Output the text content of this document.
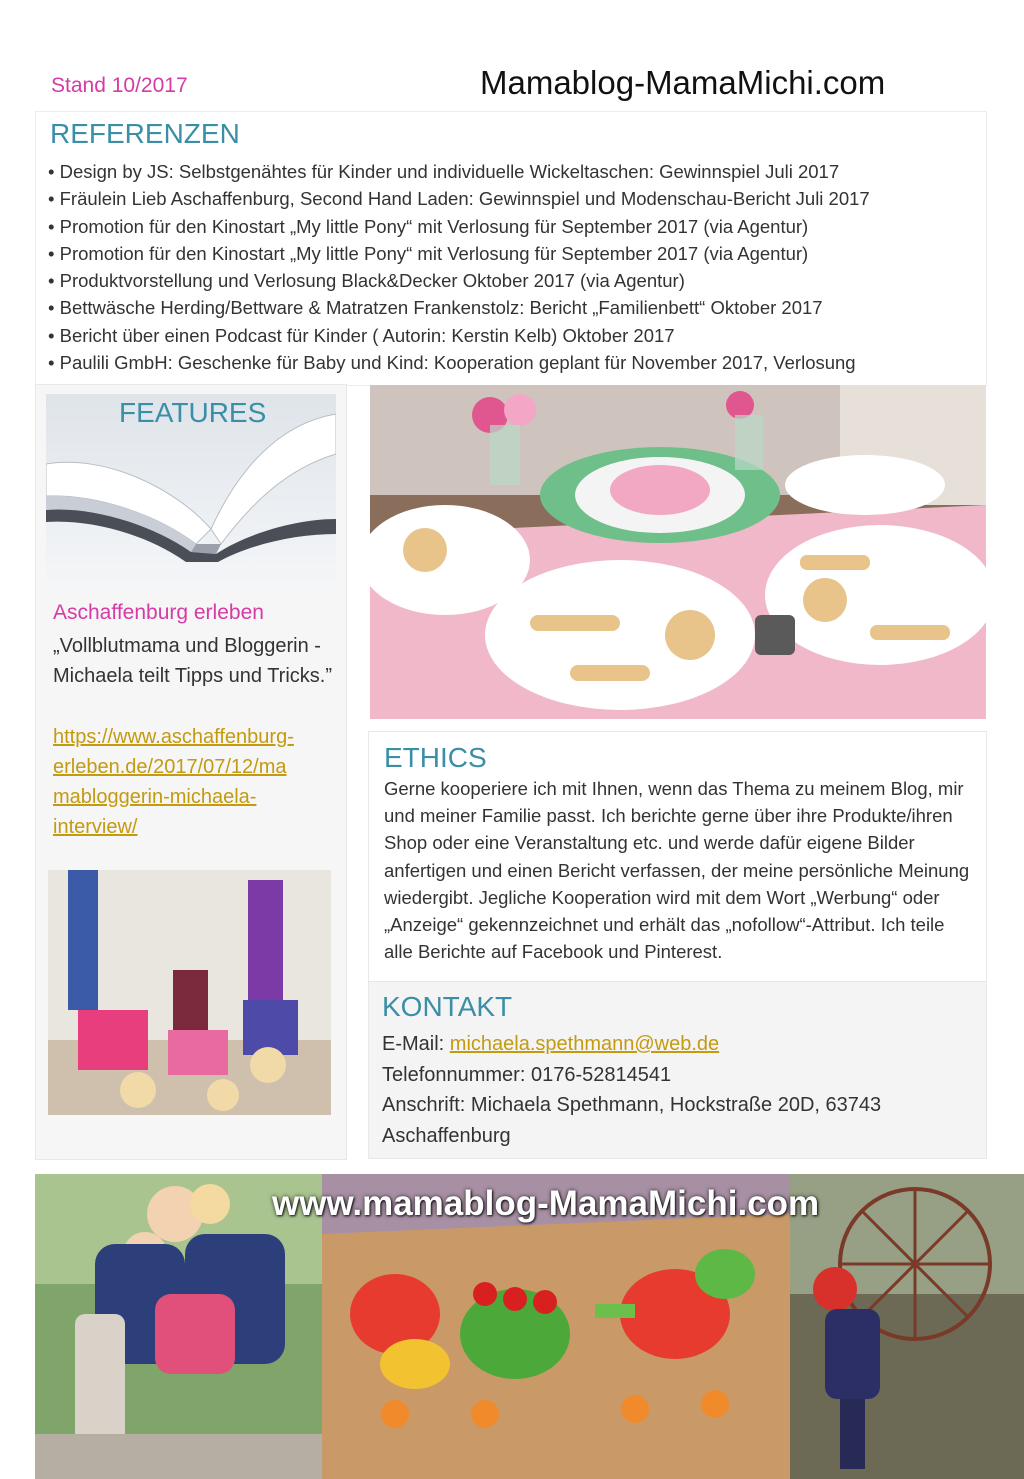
Stand 10/2017	Mamablog-MamaMichi.com
REFERENZEN
• Design by JS: Selbstgenähtes für Kinder und individuelle Wickeltaschen: Gewinnspiel Juli 2017
• Fräulein Lieb Aschaffenburg, Second Hand Laden: Gewinnspiel und Modenschau-Bericht Juli 2017
• Promotion für den Kinostart „My little Pony“ mit Verlosung für September 2017 (via Agentur)
• Promotion für den Kinostart „My little Pony“ mit Verlosung für September 2017 (via Agentur)
• Produktvorstellung und Verlosung Black&Decker Oktober 2017 (via Agentur)
• Bettwäsche Herding/Bettware & Matratzen Frankenstolz: Bericht „Familienbett“ Oktober 2017
• Bericht über einen Podcast für Kinder ( Autorin: Kerstin Kelb) Oktober 2017
• Paulili GmbH: Geschenke für Baby und Kind: Kooperation geplant für November 2017, Verlosung
FEATURES
Aschaffenburg erleben
„Vollblutmama und Bloggerin - Michaela teilt Tipps und Tricks.”
https://www.aschaffenburg-
erleben.de/2017/07/12/ma
mabloggerin-michaela-
interview/
ETHICS
Gerne kooperiere ich mit Ihnen, wenn das Thema zu meinem Blog, mir und meiner Familie passt. Ich berichte gerne über ihre Produkte/ihren Shop oder eine Veranstaltung etc. und werde dafür eigene Bilder anfertigen und einen Bericht verfassen, der meine persönliche Meinung wiedergibt. Jegliche Kooperation wird mit dem Wort „Werbung“ oder „Anzeige“ gekennzeichnet und erhält das „nofollow“-Attribut. Ich teile alle Berichte auf Facebook und Pinterest.
KONTAKT
E-Mail: michaela.spethmann@web.de
Telefonnummer: 0176-52814541
Anschrift: Michaela Spethmann, Hockstraße 20D, 63743 Aschaffenburg
www.mamablog-MamaMichi.com
